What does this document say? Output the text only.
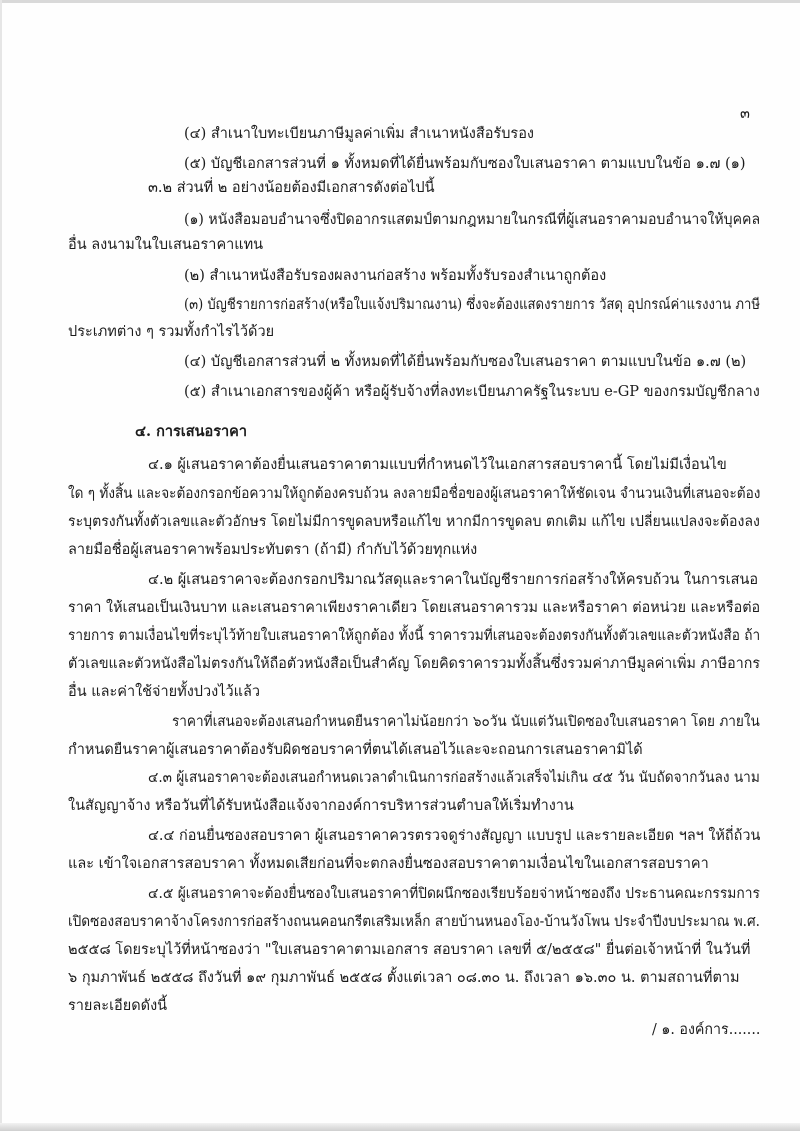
๓
(๔) สำเนาใบทะเบียนภาษีมูลค่าเพิ่ม สำเนาหนังสือรับรอง
(๕) บัญชีเอกสารส่วนที่ ๑ ทั้งหมดที่ได้ยื่นพร้อมกับซองใบเสนอราคา ตามแบบในข้อ ๑.๗ (๑)
๓.๒ ส่วนที่ ๒ อย่างน้อยต้องมีเอกสารดังต่อไปนี้
(๑) หนังสือมอบอำนาจซึ่งปิดอากรแสตมป์ตามกฎหมายในกรณีที่ผู้เสนอราคามอบอำนาจให้บุคคล
อื่น ลงนามในใบเสนอราคาแทน
(๒) สำเนาหนังสือรับรองผลงานก่อสร้าง พร้อมทั้งรับรองสำเนาถูกต้อง
(๓) บัญชีรายการก่อสร้าง(หรือใบแจ้งปริมาณงาน) ซึ่งจะต้องแสดงรายการ วัสดุ อุปกรณ์ค่าแรงงาน ภาษี
ประเภทต่าง ๆ รวมทั้งกำไรไว้ด้วย
(๔) บัญชีเอกสารส่วนที่ ๒ ทั้งหมดที่ได้ยื่นพร้อมกับซองใบเสนอราคา ตามแบบในข้อ ๑.๗ (๒)
(๕) สำเนาเอกสารของผู้ค้า หรือผู้รับจ้างที่ลงทะเบียนภาครัฐในระบบ e-GP ของกรมบัญชีกลาง
๔. การเสนอราคา
๔.๑ ผู้เสนอราคาต้องยื่นเสนอราคาตามแบบที่กำหนดไว้ในเอกสารสอบราคานี้ โดยไม่มีเงื่อนไข
ใด ๆ ทั้งสิ้น และจะต้องกรอกข้อความให้ถูกต้องครบถ้วน ลงลายมือชื่อของผู้เสนอราคาให้ชัดเจน จำนวนเงินที่เสนอจะต้อง
ระบุตรงกันทั้งตัวเลขและตัวอักษร โดยไม่มีการขูดลบหรือแก้ไข หากมีการขูดลบ ตกเติม แก้ไข เปลี่ยนแปลงจะต้องลง
ลายมือชื่อผู้เสนอราคาพร้อมประทับตรา (ถ้ามี) กำกับไว้ด้วยทุกแห่ง
๔.๒ ผู้เสนอราคาจะต้องกรอกปริมาณวัสดุและราคาในบัญชีรายการก่อสร้างให้ครบถ้วน ในการเสนอ
ราคา ให้เสนอเป็นเงินบาท และเสนอราคาเพียงราคาเดียว โดยเสนอราคารวม และหรือราคา ต่อหน่วย และหรือต่อ
รายการ ตามเงื่อนไขที่ระบุไว้ท้ายใบเสนอราคาให้ถูกต้อง ทั้งนี้ ราคารวมที่เสนอจะต้องตรงกันทั้งตัวเลขและตัวหนังสือ ถ้า
ตัวเลขและตัวหนังสือไม่ตรงกันให้ถือตัวหนังสือเป็นสำคัญ โดยคิดราคารวมทั้งสิ้นซึ่งรวมค่าภาษีมูลค่าเพิ่ม ภาษีอากร
อื่น และค่าใช้จ่ายทั้งปวงไว้แล้ว
ราคาที่เสนอจะต้องเสนอกำหนดยืนราคาไม่น้อยกว่า ๖๐วัน นับแต่วันเปิดซองใบเสนอราคา โดย ภายใน
กำหนดยืนราคาผู้เสนอราคาต้องรับผิดชอบราคาที่ตนได้เสนอไว้และจะถอนการเสนอราคามิได้
๔.๓ ผู้เสนอราคาจะต้องเสนอกำหนดเวลาดำเนินการก่อสร้างแล้วเสร็จไม่เกิน ๔๕ วัน นับถัดจากวันลง นาม
ในสัญญาจ้าง หรือวันที่ได้รับหนังสือแจ้งจากองค์การบริหารส่วนตำบลให้เริ่มทำงาน
๔.๔ ก่อนยื่นซองสอบราคา ผู้เสนอราคาควรตรวจดูร่างสัญญา แบบรูป และรายละเอียด ฯลฯ ให้ถี่ถ้วน
และ เข้าใจเอกสารสอบราคา ทั้งหมดเสียก่อนที่จะตกลงยื่นซองสอบราคาตามเงื่อนไขในเอกสารสอบราคา
๔.๕ ผู้เสนอราคาจะต้องยื่นซองใบเสนอราคาที่ปิดผนึกซองเรียบร้อยจ่าหน้าซองถึง ประธานคณะกรรมการ
เปิดซองสอบราคาจ้างโครงการก่อสร้างถนนคอนกรีตเสริมเหล็ก สายบ้านหนองโอง-บ้านวังโพน ประจำปีงบประมาณ พ.ศ.
๒๕๕๘ โดยระบุไว้ที่หน้าซองว่า "ใบเสนอราคาตามเอกสาร สอบราคา เลขที่ ๕/๒๕๕๘" ยื่นต่อเจ้าหน้าที่ ในวันที่
๖ กุมภาพันธ์ ๒๕๕๘ ถึงวันที่ ๑๙ กุมภาพันธ์ ๒๕๕๘ ตั้งแต่เวลา ๐๘.๓๐ น. ถึงเวลา ๑๖.๓๐ น. ตามสถานที่ตาม
รายละเอียดดังนี้
/ ๑. องค์การ.......
